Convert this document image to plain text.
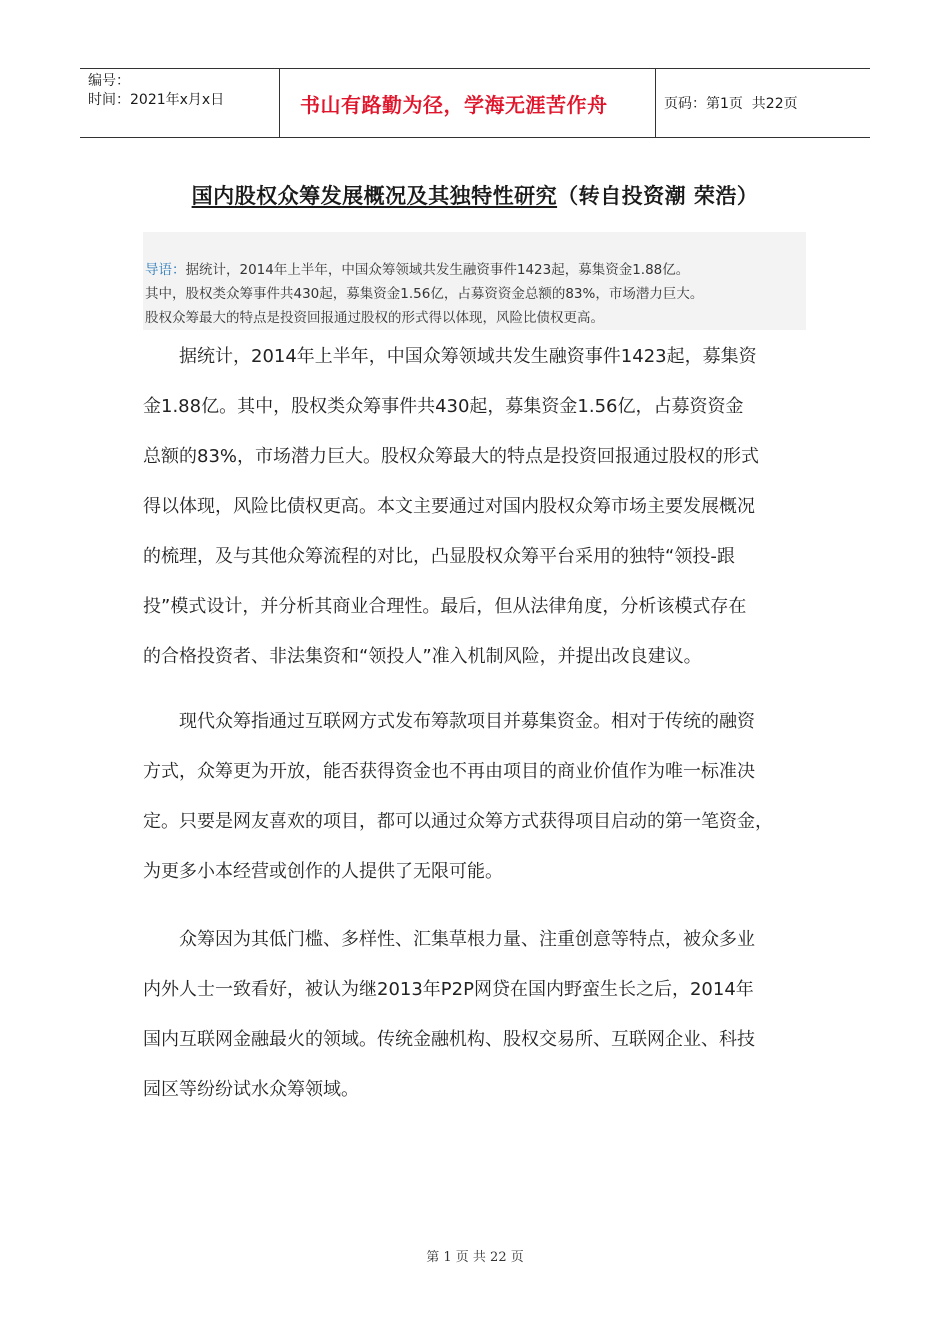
编号：
时间：2021年x月x日	书山有路勤为径，学海无涯苦作舟	页码：第1页  共22页
国内股权众筹发展概况及其独特性研究（转自投资潮 荣浩）
导语：据统计，2014年上半年，中国众筹领域共发生融资事件1423起，募集资金1.88亿。
其中，股权类众筹事件共430起，募集资金1.56亿，占募资资金总额的83%，市场潜力巨大。
股权众筹最大的特点是投资回报通过股权的形式得以体现，风险比债权更高。

　　据统计，2014年上半年，中国众筹领域共发生融资事件1423起，募集资
金1.88亿。其中，股权类众筹事件共430起，募集资金1.56亿，占募资资金
总额的83%，市场潜力巨大。股权众筹最大的特点是投资回报通过股权的形式
得以体现，风险比债权更高。本文主要通过对国内股权众筹市场主要发展概况
的梳理，及与其他众筹流程的对比，凸显股权众筹平台采用的独特“领投-跟
投”模式设计，并分析其商业合理性。最后，但从法律角度，分析该模式存在
的合格投资者、非法集资和“领投人”准入机制风险，并提出改良建议。

　　现代众筹指通过互联网方式发布筹款项目并募集资金。相对于传统的融资
方式，众筹更为开放，能否获得资金也不再由项目的商业价值作为唯一标准决
定。只要是网友喜欢的项目，都可以通过众筹方式获得项目启动的第一笔资金，
为更多小本经营或创作的人提供了无限可能。

　　众筹因为其低门槛、多样性、汇集草根力量、注重创意等特点，被众多业
内外人士一致看好，被认为继2013年P2P网贷在国内野蛮生长之后，2014年
国内互联网金融最火的领域。传统金融机构、股权交易所、互联网企业、科技
园区等纷纷试水众筹领域。

第 1 页 共 22 页
